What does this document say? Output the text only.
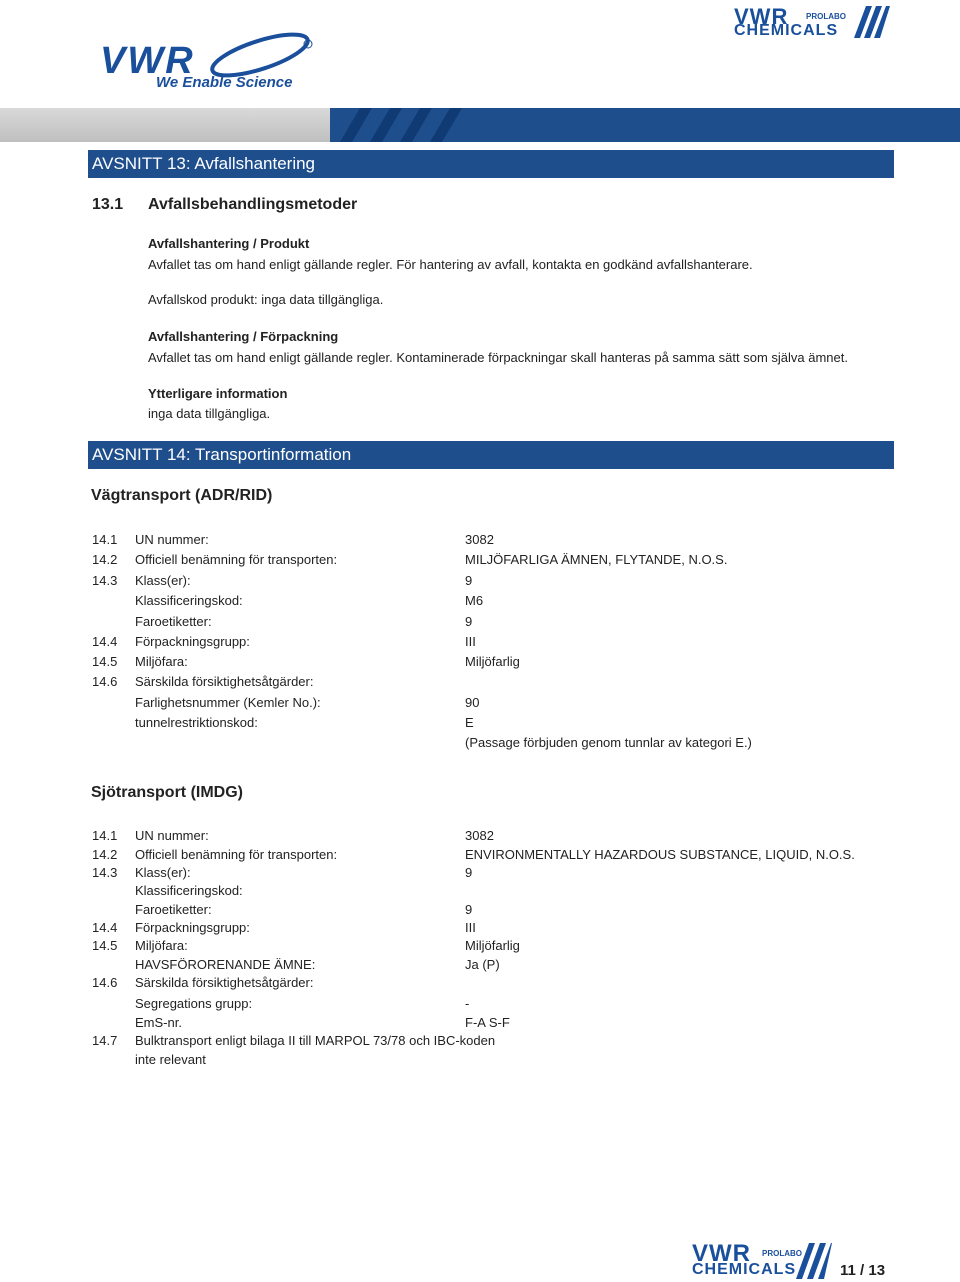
VWR
We Enable Science
VWR PROLABO
CHEMICALS
AVSNITT 13: Avfallshantering
13.1 Avfallsbehandlingsmetoder
Avfallshantering / Produkt
Avfallet tas om hand enligt gällande regler. För hantering av avfall, kontakta en godkänd avfallshanterare.
Avfallskod produkt: inga data tillgängliga.
Avfallshantering / Förpackning
Avfallet tas om hand enligt gällande regler. Kontaminerade förpackningar skall hanteras på samma sätt som själva ämnet.
Ytterligare information
inga data tillgängliga.
AVSNITT 14: Transportinformation
Vägtransport (ADR/RID)
14.1 UN nummer:	3082
14.2 Officiell benämning för transporten:	MILJÖFARLIGA ÄMNEN, FLYTANDE, N.O.S.
14.3 Klass(er):	9
Klassificeringskod:	M6
Faroetiketter:	9
14.4 Förpackningsgrupp:	III
14.5 Miljöfara:	Miljöfarlig
14.6 Särskilda försiktighetsåtgärder:
Farlighetsnummer (Kemler No.):	90
tunnelrestriktionskod:	E
(Passage förbjuden genom tunnlar av kategori E.)
Sjötransport (IMDG)
14.1 UN nummer:	3082
14.2 Officiell benämning för transporten:	ENVIRONMENTALLY HAZARDOUS SUBSTANCE, LIQUID, N.O.S.
14.3 Klass(er):	9
Klassificeringskod:
Faroetiketter:	9
14.4 Förpackningsgrupp:	III
14.5 Miljöfara:	Miljöfarlig
HAVSFÖRORENANDE ÄMNE:	Ja (P)
14.6 Särskilda försiktighetsåtgärder:
Segregations grupp:	-
EmS-nr.	F-A S-F
14.7 Bulktransport enligt bilaga II till MARPOL 73/78 och IBC-koden
inte relevant
VWR PROLABO
CHEMICALS	11 / 13
